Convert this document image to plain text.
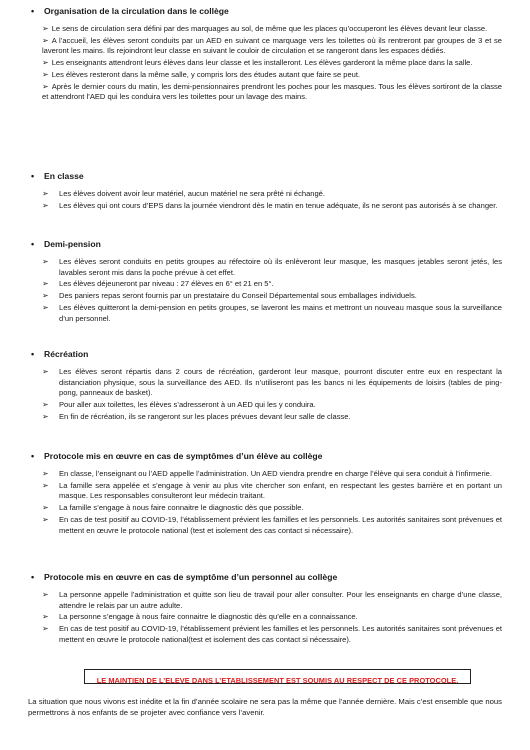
• Organisation de la circulation dans le collège
➢ Le sens de circulation sera défini par des marquages au sol, de même que les places qu’occuperont les élèves devant leur classe.
➢ A l’accueil, les élèves seront conduits par un AED en suivant ce marquage vers les toilettes où ils rentreront par groupes de 3 et se laveront les mains. Ils rejoindront leur classe en suivant le couloir de circulation et se rangeront dans les espaces dédiés.
➢ Les enseignants attendront leurs élèves dans leur classe et les installeront. Les élèves garderont la même place dans la salle.
➢ Les élèves resteront dans la même salle, y compris lors des études autant que faire se peut.
➢ Après le dernier cours du matin, les demi-pensionnaires prendront les poches pour les masques. Tous les élèves sortiront de la classe et attendront l’AED qui les conduira vers les toilettes pour un lavage des mains.
• En classe
➢ Les élèves doivent avoir leur matériel, aucun matériel ne sera prêté ni échangé.
➢ Les élèves qui ont cours d’EPS dans la journée viendront dès le matin en tenue adéquate, ils ne seront pas autorisés à se changer.
• Demi-pension
➢ Les élèves seront conduits en petits groupes au réfectoire où ils enlèveront leur masque, les masques jetables seront jetés, les lavables seront mis dans la poche prévue à cet effet.
➢ Les élèves déjeuneront par niveau : 27 élèves en 6° et 21 en 5°.
➢ Des paniers repas seront fournis par un prestataire du Conseil Départemental sous emballages individuels.
➢ Les élèves quitteront la demi-pension en petits groupes, se laveront les mains et mettront un nouveau masque sous la surveillance d’un personnel.
• Récréation
➢ Les élèves seront répartis dans 2 cours de récréation, garderont leur masque, pourront discuter entre eux en respectant la distanciation physique, sous la surveillance des AED. Ils n’utiliseront pas les bancs ni les équipements de loisirs (tables de ping-pong, panneaux de basket).
➢ Pour aller aux toilettes, les élèves s’adresseront à un AED qui les y conduira.
➢ En fin de récréation, ils se rangeront sur les places prévues devant leur salle de classe.
• Protocole mis en œuvre en cas de symptômes d’un élève au collège
➢ En classe, l’enseignant ou l’AED appelle l’administration. Un AED viendra prendre en charge l’élève qui sera conduit à l’infirmerie.
➢ La famille sera appelée et s’engage à venir au plus vite chercher son enfant, en respectant les gestes barrière et en portant un masque. Les responsables consulteront leur médecin traitant.
➢ La famille s’engage à nous faire connaitre le diagnostic dès que possible.
➢ En cas de test positif au COVID-19, l’établissement prévient les familles et les personnels. Les autorités sanitaires sont prévenues et mettent en œuvre le protocole national (test et isolement des cas contact si nécessaire).
• Protocole mis en œuvre en cas de symptôme d’un personnel au collège
➢ La personne appelle l’administration et quitte son lieu de travail pour aller consulter. Pour les enseignants en charge d’une classe, attendre le relais par un autre adulte.
➢ La personne s’engage à nous faire connaitre le diagnostic dès qu’elle en a connaissance.
➢ En cas de test positif au COVID-19, l’établissement prévient les familles et les personnels. Les autorités sanitaires sont prévenues et mettent en œuvre le protocole national(test et isolement des cas contact si nécessaire).
LE MAINTIEN DE L’ELEVE DANS L’ETABLISSEMENT EST SOUMIS AU RESPECT DE CE PROTOCOLE.
La situation que nous vivons est inédite et la fin d’année scolaire ne sera pas la même que l’année dernière. Mais c’est ensemble que nous permettrons à nos enfants de se projeter avec confiance vers l’avenir.
